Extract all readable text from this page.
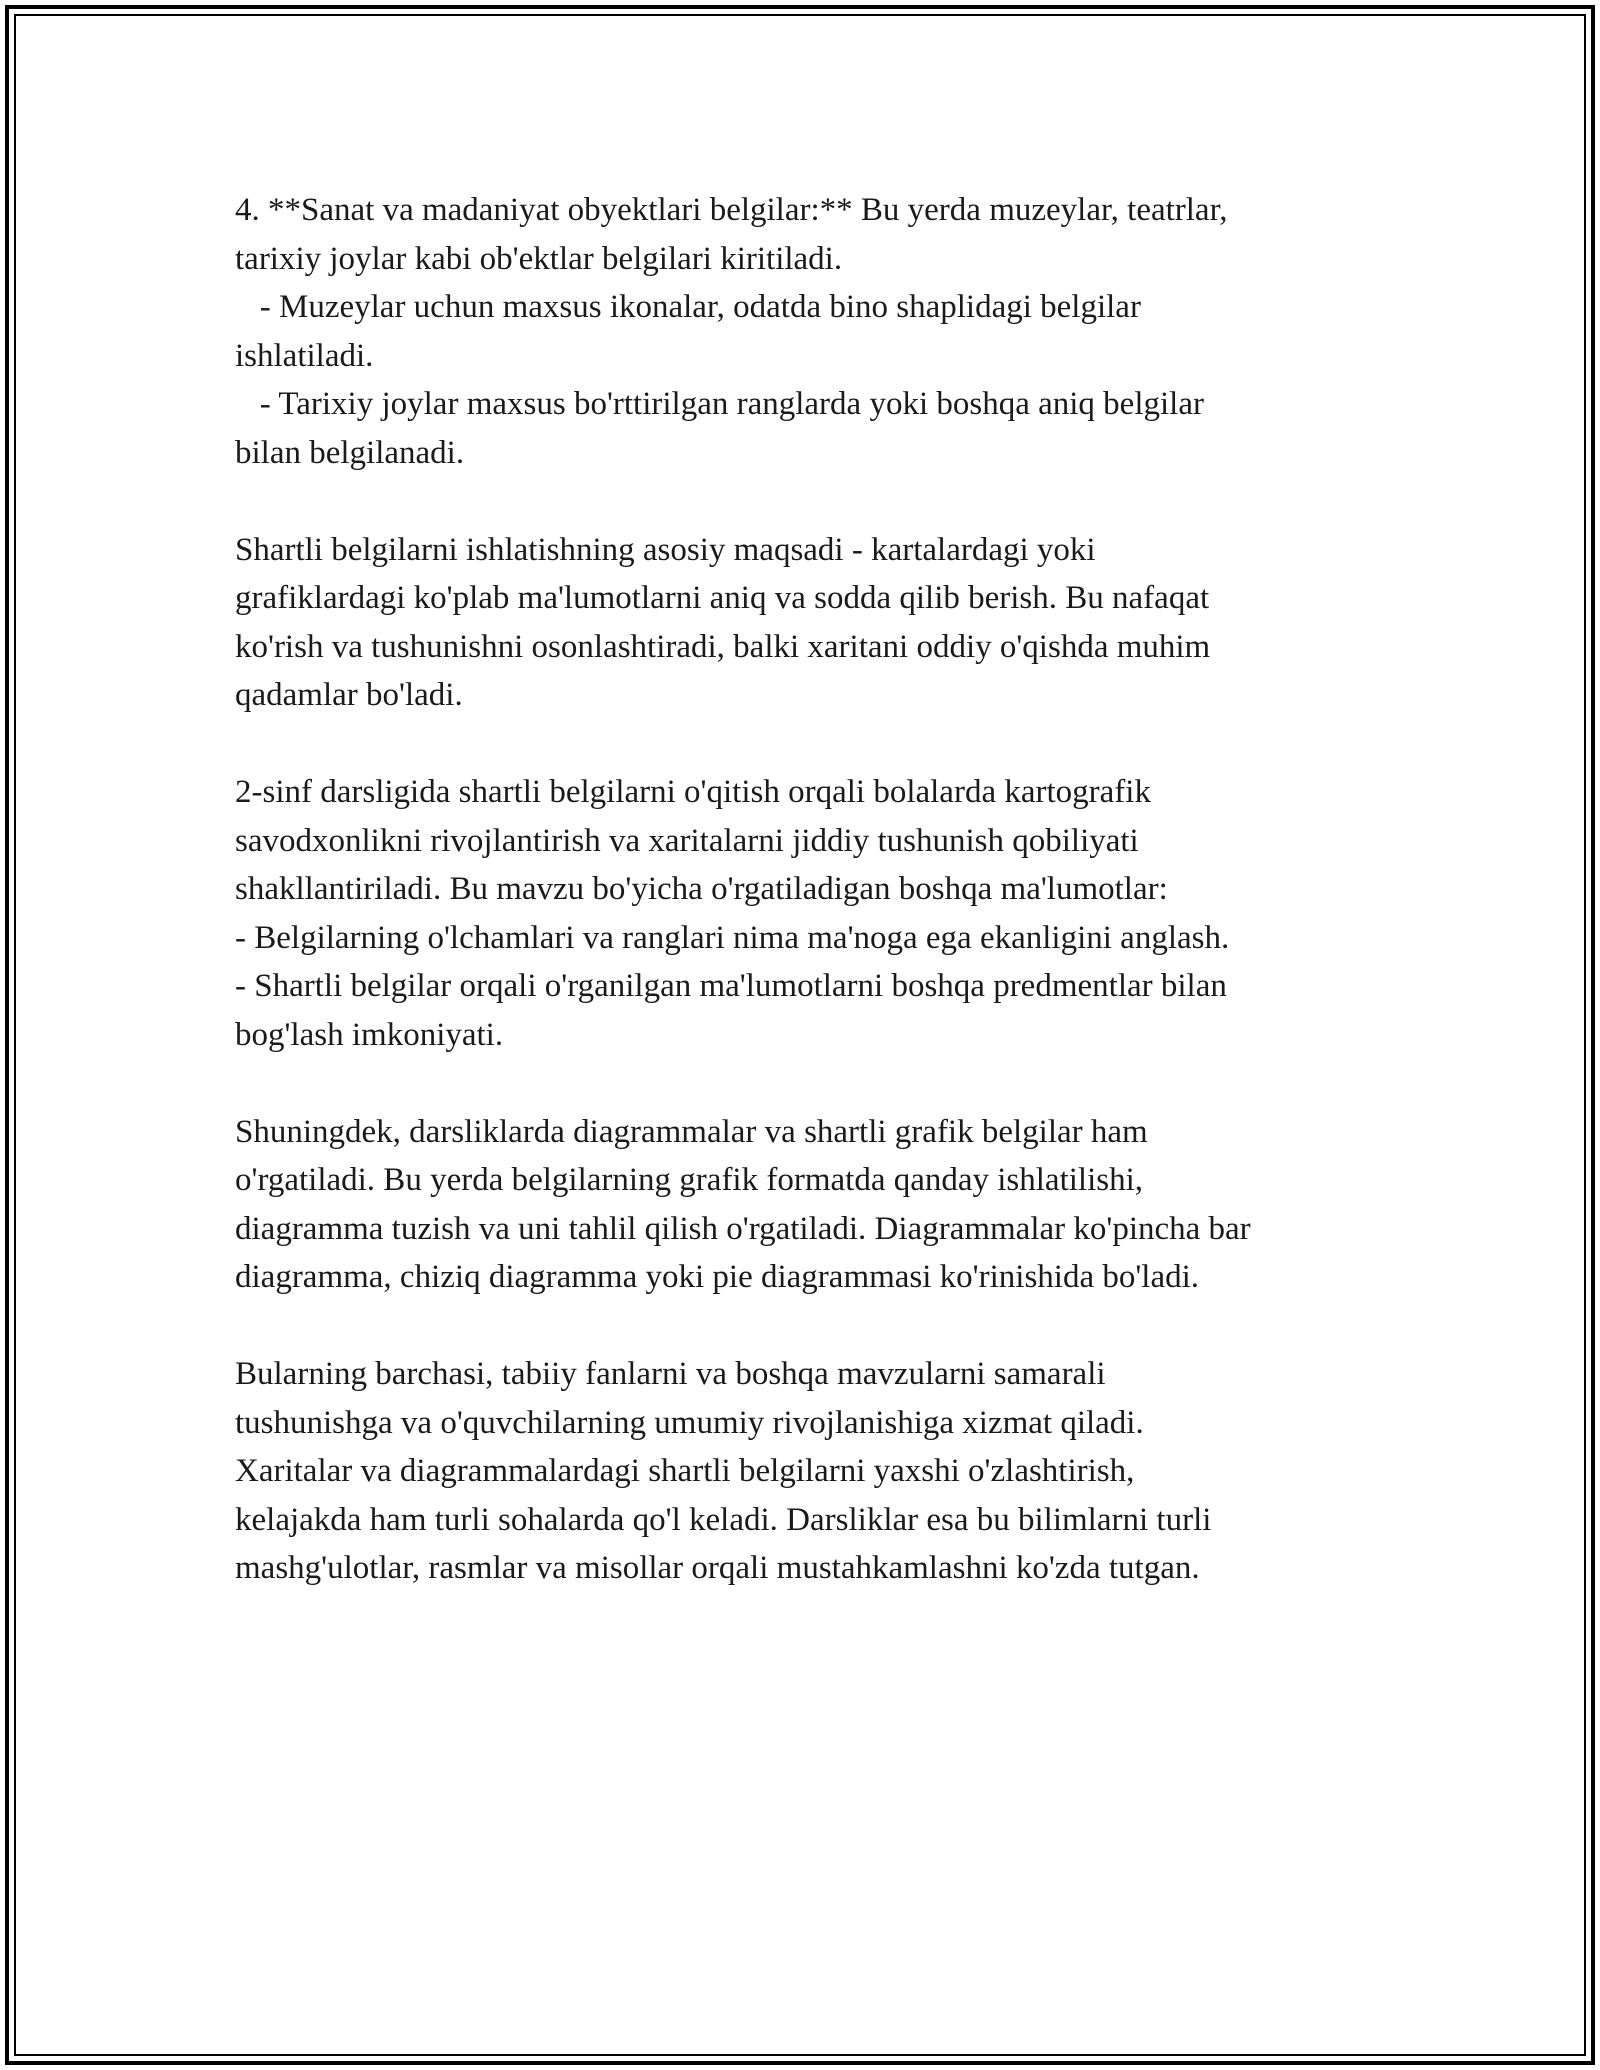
4. **Sanat va madaniyat obyektlari belgilar:** Bu yerda muzeylar, teatrlar,
tarixiy joylar kabi ob'ektlar belgilari kiritiladi.
- Muzeylar uchun maxsus ikonalar, odatda bino shaplidagi belgilar
ishlatiladi.
- Tarixiy joylar maxsus bo'rttirilgan ranglarda yoki boshqa aniq belgilar
bilan belgilanadi.

Shartli belgilarni ishlatishning asosiy maqsadi - kartalardagi yoki
grafiklardagi ko'plab ma'lumotlarni aniq va sodda qilib berish. Bu nafaqat
ko'rish va tushunishni osonlashtiradi, balki xaritani oddiy o'qishda muhim
qadamlar bo'ladi.

2-sinf darsligida shartli belgilarni o'qitish orqali bolalarda kartografik
savodxonlikni rivojlantirish va xaritalarni jiddiy tushunish qobiliyati
shakllantiriladi. Bu mavzu bo'yicha o'rgatiladigan boshqa ma'lumotlar:
- Belgilarning o'lchamlari va ranglari nima ma'noga ega ekanligini anglash.
- Shartli belgilar orqali o'rganilgan ma'lumotlarni boshqa predmentlar bilan
bog'lash imkoniyati.

Shuningdek, darsliklarda diagrammalar va shartli grafik belgilar ham
o'rgatiladi. Bu yerda belgilarning grafik formatda qanday ishlatilishi,
diagramma tuzish va uni tahlil qilish o'rgatiladi. Diagrammalar ko'pincha bar
diagramma, chiziq diagramma yoki pie diagrammasi ko'rinishida bo'ladi.

Bularning barchasi, tabiiy fanlarni va boshqa mavzularni samarali
tushunishga va o'quvchilarning umumiy rivojlanishiga xizmat qiladi.
Xaritalar va diagrammalardagi shartli belgilarni yaxshi o'zlashtirish,
kelajakda ham turli sohalarda qo'l keladi. Darsliklar esa bu bilimlarni turli
mashg'ulotlar, rasmlar va misollar orqali mustahkamlashni ko'zda tutgan.
